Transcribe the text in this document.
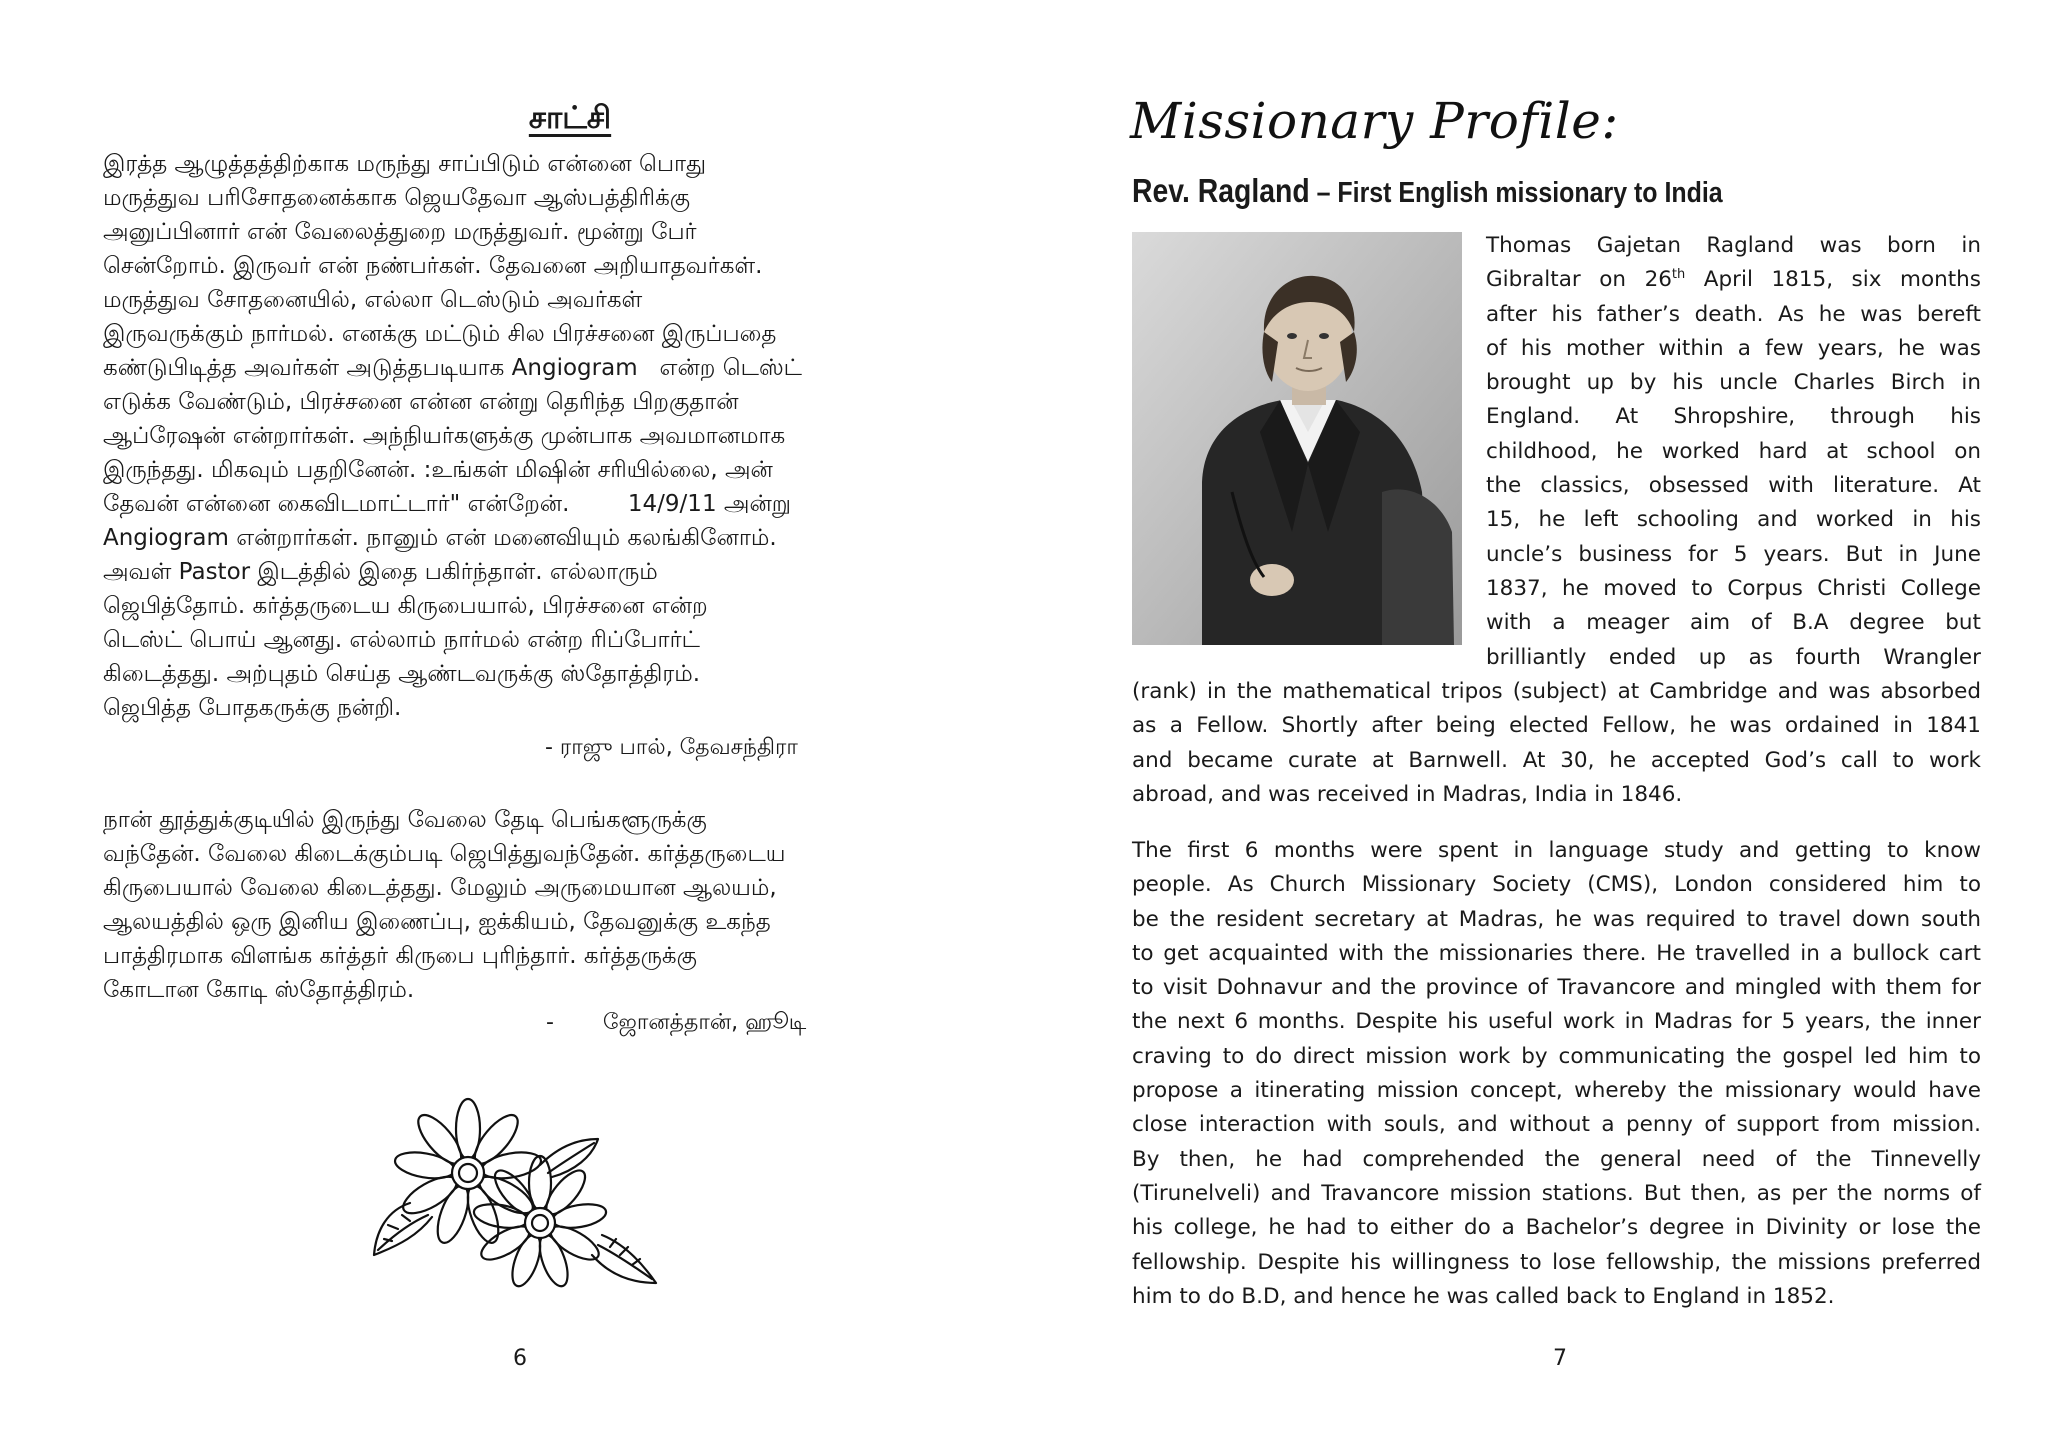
சாட்சி
இரத்த ஆழுத்தத்திற்காக மருந்து சாப்பிடும் என்னை பொது
மருத்துவ பரிசோதனைக்காக ஜெயதேவா ஆஸ்பத்திரிக்கு
அனுப்பினார் என் வேலைத்துறை மருத்துவர். மூன்று பேர்
சென்றோம். இருவர் என் நண்பர்கள். தேவனை அறியாதவர்கள்.
மருத்துவ சோதனையில், எல்லா டெஸ்டும் அவர்கள்
இருவருக்கும் நார்மல். எனக்கு மட்டும் சில பிரச்சனை இருப்பதை
கண்டுபிடித்த அவர்கள் அடுத்தபடியாக Angiogram   என்ற டெஸ்ட்
எடுக்க வேண்டும், பிரச்சனை என்ன என்று தெரிந்த பிறகுதான்
ஆப்ரேஷன் என்றார்கள். அந்நியர்களுக்கு முன்பாக அவமானமாக
இருந்தது. மிகவும் பதறினேன். :உங்கள் மிஷின் சரியில்லை, அன்
தேவன் என்னை கைவிடமாட்டார்" என்றேன்.        14/9/11 அன்று
Angiogram என்றார்கள். நானும் என் மனைவியும் கலங்கினோம்.
அவள் Pastor இடத்தில் இதை பகிர்ந்தாள். எல்லாரும்
ஜெபித்தோம். கர்த்தருடைய கிருபையால், பிரச்சனை என்ற
டெஸ்ட் பொய் ஆனது. எல்லாம் நார்மல் என்ற ரிப்போர்ட்
கிடைத்தது. அற்புதம் செய்த ஆண்டவருக்கு ஸ்தோத்திரம்.
ஜெபித்த போதகருக்கு நன்றி.

- ராஜு பால், தேவசந்திரா

நான் தூத்துக்குடியில் இருந்து வேலை தேடி பெங்களூருக்கு
வந்தேன். வேலை கிடைக்கும்படி ஜெபித்துவந்தேன். கர்த்தருடைய
கிருபையால் வேலை கிடைத்தது. மேலும் அருமையான ஆலயம்,
ஆலயத்தில் ஒரு இனிய இணைப்பு, ஐக்கியம், தேவனுக்கு உகந்த
பாத்திரமாக விளங்க கர்த்தர் கிருபை புரிந்தார். கர்த்தருக்கு
கோடான கோடி ஸ்தோத்திரம்.

-       ஜோனத்தான், ஹூடி

6

Missionary Profile:
Rev. Ragland – First English missionary to India
Thomas Gajetan Ragland was born in
Gibraltar on 26th April 1815, six months
after his father’s death. As he was bereft
of his mother within a few years, he was
brought up by his uncle Charles Birch in
England. At Shropshire, through his
childhood, he worked hard at school on
the classics, obsessed with literature. At
15, he left schooling and worked in his
uncle’s business for 5 years. But in June
1837, he moved to Corpus Christi College
with a meager aim of B.A degree but
brilliantly ended up as fourth Wrangler
(rank) in the mathematical tripos (subject) at Cambridge and was absorbed
as a Fellow. Shortly after being elected Fellow, he was ordained in 1841
and became curate at Barnwell. At 30, he accepted God’s call to work
abroad, and was received in Madras, India in 1846.
The first 6 months were spent in language study and getting to know
people. As Church Missionary Society (CMS), London considered him to
be the resident secretary at Madras, he was required to travel down south
to get acquainted with the missionaries there. He travelled in a bullock cart
to visit Dohnavur and the province of Travancore and mingled with them for
the next 6 months. Despite his useful work in Madras for 5 years, the inner
craving to do direct mission work by communicating the gospel led him to
propose a itinerating mission concept, whereby the missionary would have
close interaction with souls, and without a penny of support from mission.
By then, he had comprehended the general need of the Tinnevelly
(Tirunelveli) and Travancore mission stations. But then, as per the norms of
his college, he had to either do a Bachelor’s degree in Divinity or lose the
fellowship. Despite his willingness to lose fellowship, the missions preferred
him to do B.D, and hence he was called back to England in 1852.

7
